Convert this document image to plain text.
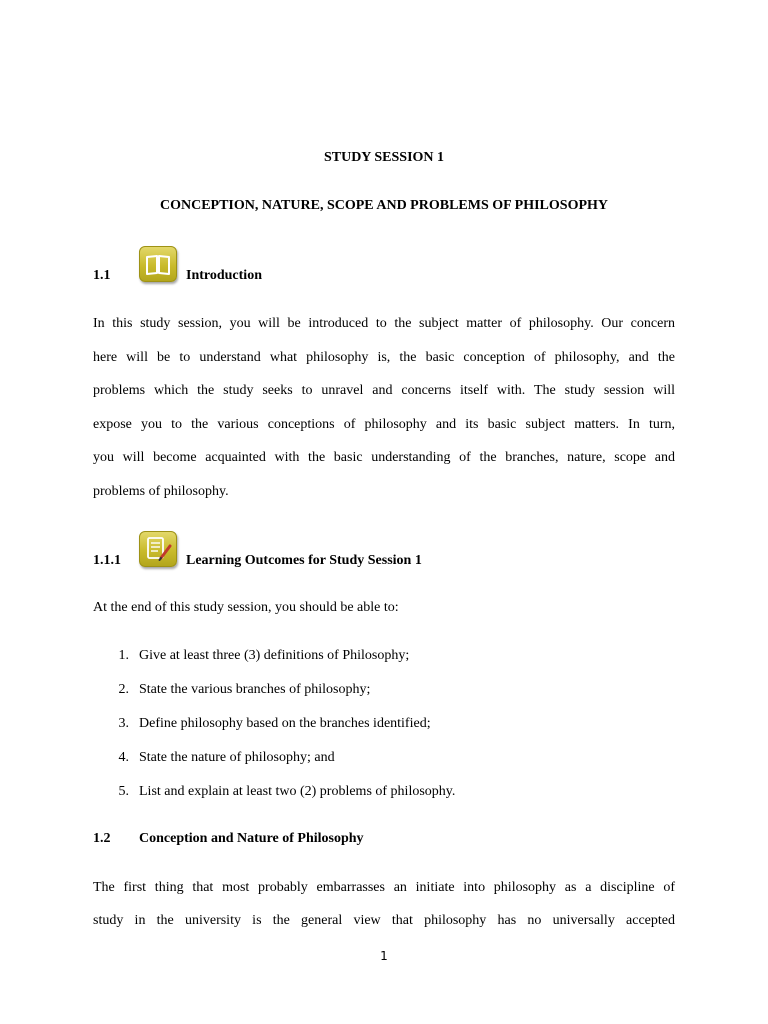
STUDY SESSION 1
CONCEPTION, NATURE, SCOPE AND PROBLEMS OF PHILOSOPHY
1.1	Introduction

In this study session, you will be introduced to the subject matter of philosophy. Our concern

here will be to understand what philosophy is, the basic conception of philosophy, and the

problems which the study seeks to unravel and concerns itself with. The study session will

expose you to the various conceptions of philosophy and its basic subject matters. In turn,

you will become acquainted with the basic understanding of the branches, nature, scope and

problems of philosophy.

1.1.1	Learning Outcomes for Study Session 1

At the end of this study session, you should be able to:

1. Give at least three (3) definitions of Philosophy;
2. State the various branches of philosophy;
3. Define philosophy based on the branches identified;
4. State the nature of philosophy; and
5. List and explain at least two (2) problems of philosophy.
1.2 Conception and Nature of Philosophy

The first thing that most probably embarrasses an initiate into philosophy as a discipline of

study in the university is the general view that philosophy has no universally accepted

1
